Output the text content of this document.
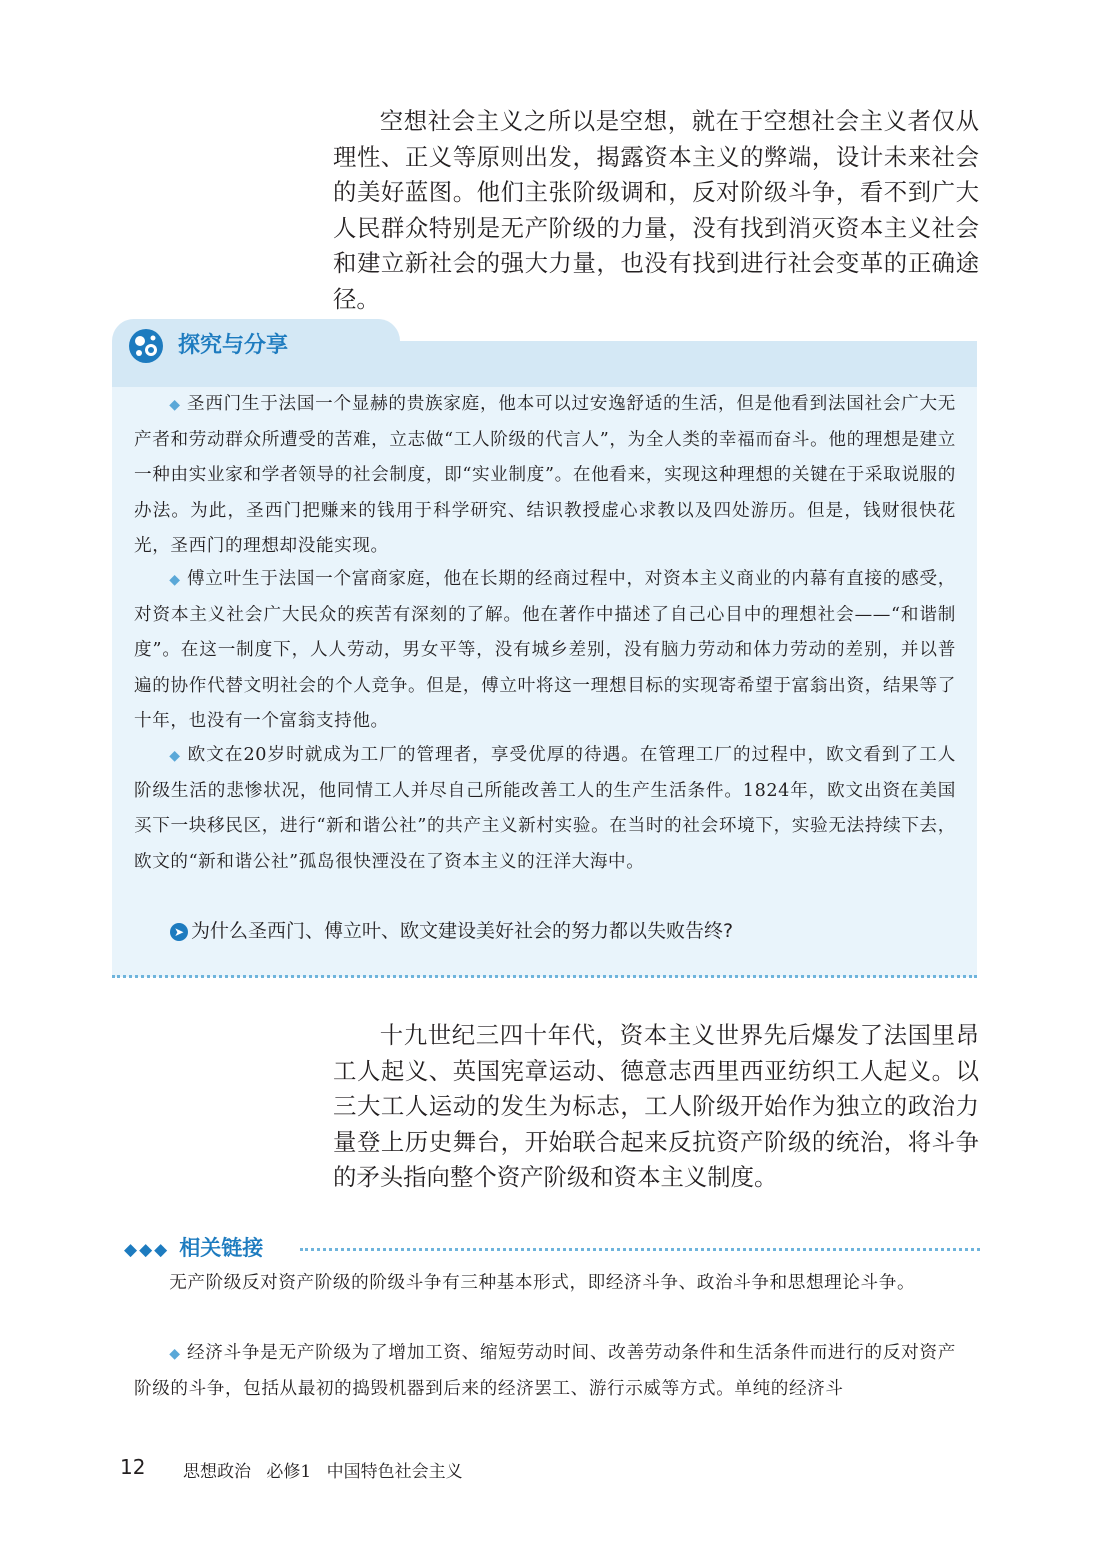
空想社会主义之所以是空想，就在于空想社会主义者仅从理性、正义等原则出发，揭露资本主义的弊端，设计未来社会的美好蓝图。他们主张阶级调和，反对阶级斗争，看不到广大人民群众特别是无产阶级的力量，没有找到消灭资本主义社会和建立新社会的强大力量，也没有找到进行社会变革的正确途径。

探究与分享

◆ 圣西门生于法国一个显赫的贵族家庭，他本可以过安逸舒适的生活，但是他看到法国社会广大无产者和劳动群众所遭受的苦难，立志做“工人阶级的代言人”，为全人类的幸福而奋斗。他的理想是建立一种由实业家和学者领导的社会制度，即“实业制度”。在他看来，实现这种理想的关键在于采取说服的办法。为此，圣西门把赚来的钱用于科学研究、结识教授虚心求教以及四处游历。但是，钱财很快花光，圣西门的理想却没能实现。

◆ 傅立叶生于法国一个富商家庭，他在长期的经商过程中，对资本主义商业的内幕有直接的感受，对资本主义社会广大民众的疾苦有深刻的了解。他在著作中描述了自己心目中的理想社会——“和谐制度”。在这一制度下，人人劳动，男女平等，没有城乡差别，没有脑力劳动和体力劳动的差别，并以普遍的协作代替文明社会的个人竞争。但是，傅立叶将这一理想目标的实现寄希望于富翁出资，结果等了十年，也没有一个富翁支持他。

◆ 欧文在20岁时就成为工厂的管理者，享受优厚的待遇。在管理工厂的过程中，欧文看到了工人阶级生活的悲惨状况，他同情工人并尽自己所能改善工人的生产生活条件。1824年，欧文出资在美国买下一块移民区，进行“新和谐公社”的共产主义新村实验。在当时的社会环境下，实验无法持续下去，欧文的“新和谐公社”孤岛很快湮没在了资本主义的汪洋大海中。

➤ 为什么圣西门、傅立叶、欧文建设美好社会的努力都以失败告终?

十九世纪三四十年代，资本主义世界先后爆发了法国里昂工人起义、英国宪章运动、德意志西里西亚纺织工人起义。以三大工人运动的发生为标志，工人阶级开始作为独立的政治力量登上历史舞台，开始联合起来反抗资产阶级的统治，将斗争的矛头指向整个资产阶级和资本主义制度。

◆◆◆ 相关链接

无产阶级反对资产阶级的阶级斗争有三种基本形式，即经济斗争、政治斗争和思想理论斗争。

◆ 经济斗争是无产阶级为了增加工资、缩短劳动时间、改善劳动条件和生活条件而进行的反对资产阶级的斗争，包括从最初的捣毁机器到后来的经济罢工、游行示威等方式。单纯的经济斗

12 思想政治 必修1 中国特色社会主义
